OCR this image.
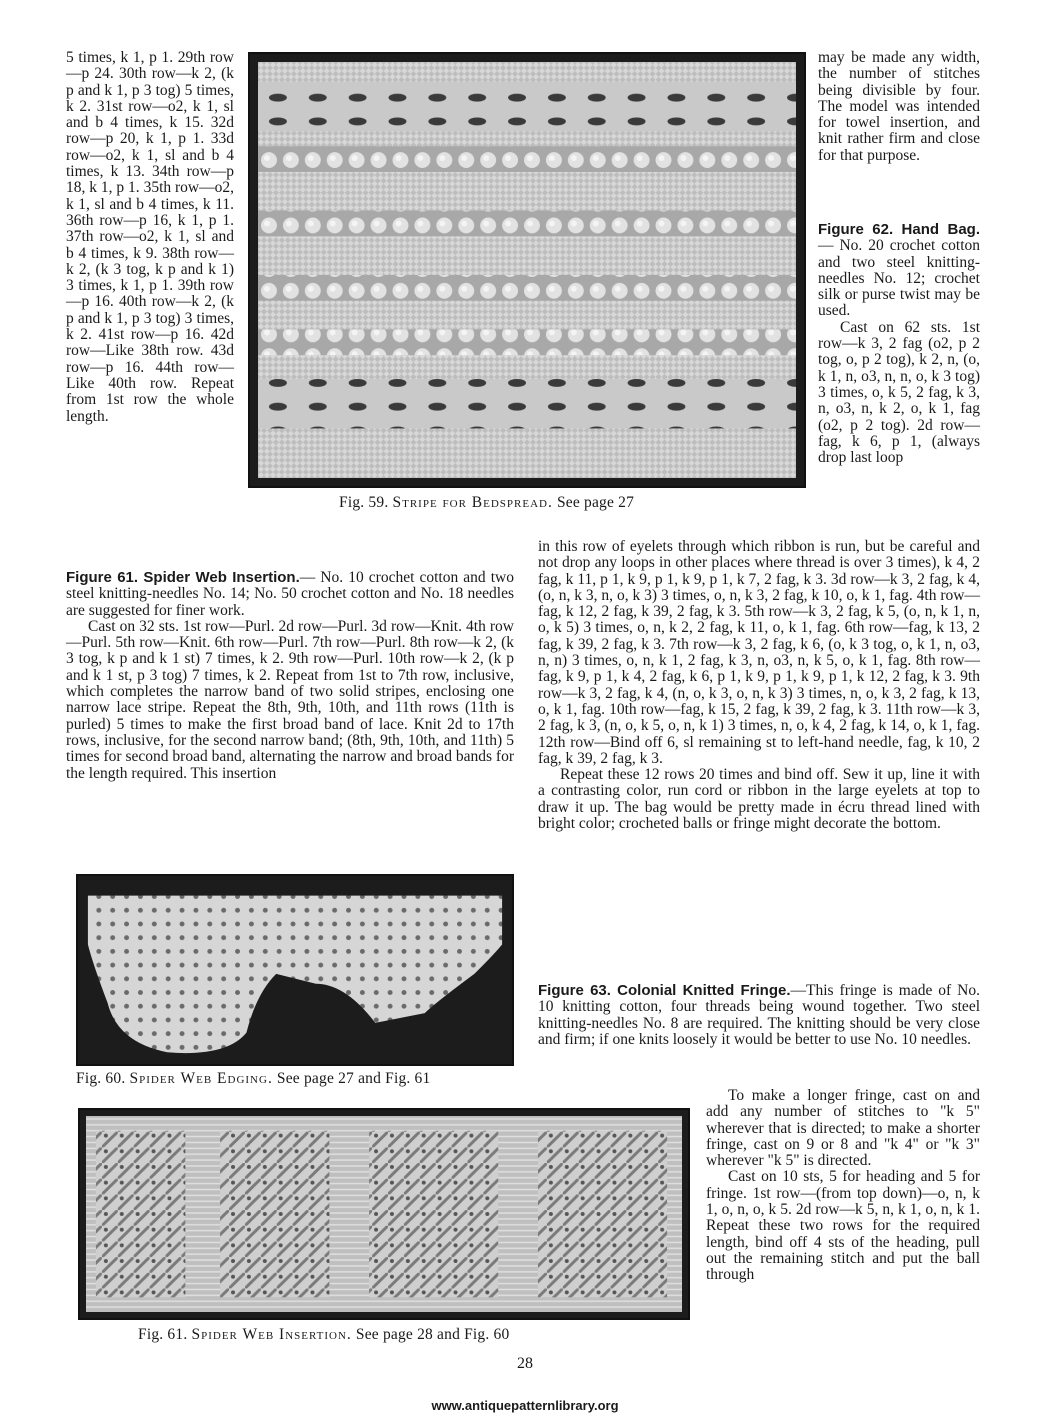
5 times, k 1, p 1. 29th row—p 24. 30th row—k 2, (k p and k 1, p 3 tog) 5 times, k 2. 31st row—o2, k 1, sl and b 4 times, k 15. 32d row—p 20, k 1, p 1. 33d row—o2, k 1, sl and b 4 times, k 13. 34th row—p 18, k 1, p 1. 35th row—o2, k 1, sl and b 4 times, k 11. 36th row—p 16, k 1, p 1. 37th row—o2, k 1, sl and b 4 times, k 9. 38th row—k 2, (k 3 tog, k p and k 1) 3 times, k 1, p 1. 39th row—p 16. 40th row—k 2, (k p and k 1, p 3 tog) 3 times, k 2. 41st row—p 16. 42d row—Like 38th row. 43d row—p 16. 44th row—Like 40th row. Repeat from 1st row the whole length.

Fig. 59. Stripe for Bedspread. See page 27

may be made any width, the number of stitches being divisible by four. The model was intended for towel insertion, and knit rather firm and close for that purpose.

Figure 62. Hand Bag.— No. 20 crochet cotton and two steel knitting-needles No. 12; crochet silk or purse twist may be used.

Cast on 62 sts. 1st row—k 3, 2 fag (o2, p 2 tog, o, p 2 tog), k 2, n, (o, k 1, n, o3, n, n, o, k 3 tog) 3 times, o, k 5, 2 fag, k 3, n, o3, n, k 2, o, k 1, fag (o2, p 2 tog). 2d row—fag, k 6, p 1, (always drop last loop

in this row of eyelets through which ribbon is run, but be careful and not drop any loops in other places where thread is over 3 times), k 4, 2 fag, k 11, p 1, k 9, p 1, k 9, p 1, k 7, 2 fag, k 3. 3d row—k 3, 2 fag, k 4, (o, n, k 3, n, o, k 3) 3 times, o, n, k 3, 2 fag, k 10, o, k 1, fag. 4th row—fag, k 12, 2 fag, k 39, 2 fag, k 3. 5th row—k 3, 2 fag, k 5, (o, n, k 1, n, o, k 5) 3 times, o, n, k 2, 2 fag, k 11, o, k 1, fag. 6th row—fag, k 13, 2 fag, k 39, 2 fag, k 3. 7th row—k 3, 2 fag, k 6, (o, k 3 tog, o, k 1, n, o3, n, n) 3 times, o, n, k 1, 2 fag, k 3, n, o3, n, k 5, o, k 1, fag. 8th row—fag, k 9, p 1, k 4, 2 fag, k 6, p 1, k 9, p 1, k 9, p 1, k 12, 2 fag, k 3. 9th row—k 3, 2 fag, k 4, (n, o, k 3, o, n, k 3) 3 times, n, o, k 3, 2 fag, k 13, o, k 1, fag. 10th row—fag, k 15, 2 fag, k 39, 2 fag, k 3. 11th row—k 3, 2 fag, k 3, (n, o, k 5, o, n, k 1) 3 times, n, o, k 4, 2 fag, k 14, o, k 1, fag. 12th row—Bind off 6, sl remaining st to left-hand needle, fag, k 10, 2 fag, k 39, 2 fag, k 3.

Repeat these 12 rows 20 times and bind off. Sew it up, line it with a contrasting color, run cord or ribbon in the large eyelets at top to draw it up. The bag would be pretty made in écru thread lined with bright color; crocheted balls or fringe might decorate the bottom.

Figure 61. Spider Web Insertion.— No. 10 crochet cotton and two steel knitting-needles No. 14; No. 50 crochet cotton and No. 18 needles are suggested for finer work.

Cast on 32 sts. 1st row—Purl. 2d row—Purl. 3d row—Knit. 4th row—Purl. 5th row—Knit. 6th row—Purl. 7th row—Purl. 8th row—k 2, (k 3 tog, k p and k 1 st) 7 times, k 2. 9th row—Purl. 10th row—k 2, (k p and k 1 st, p 3 tog) 7 times, k 2. Repeat from 1st to 7th row, inclusive, which completes the narrow band of two solid stripes, enclosing one narrow lace stripe. Repeat the 8th, 9th, 10th, and 11th rows (11th is purled) 5 times to make the first broad band of lace. Knit 2d to 17th rows, inclusive, for the second narrow band; (8th, 9th, 10th, and 11th) 5 times for second broad band, alternating the narrow and broad bands for the length required. This insertion

Fig. 60. Spider Web Edging. See page 27 and Fig. 61

Figure 63. Colonial Knitted Fringe.—This fringe is made of No. 10 knitting cotton, four threads being wound together. Two steel knitting-needles No. 8 are required. The knitting should be very close and firm; if one knits loosely it would be better to use No. 10 needles.

To make a longer fringe, cast on and add any number of stitches to "k 5" wherever that is directed; to make a shorter fringe, cast on 9 or 8 and "k 4" or "k 3" wherever "k 5" is directed.

Cast on 10 sts, 5 for heading and 5 for fringe. 1st row—(from top down)—o, n, k 1, o, n, o, k 5. 2d row—k 5, n, k 1, o, n, k 1. Repeat these two rows for the required length, bind off 4 sts of the heading, pull out the remaining stitch and put the ball through

Fig. 61. Spider Web Insertion. See page 28 and Fig. 60
28
www.antiquepatternlibrary.org
